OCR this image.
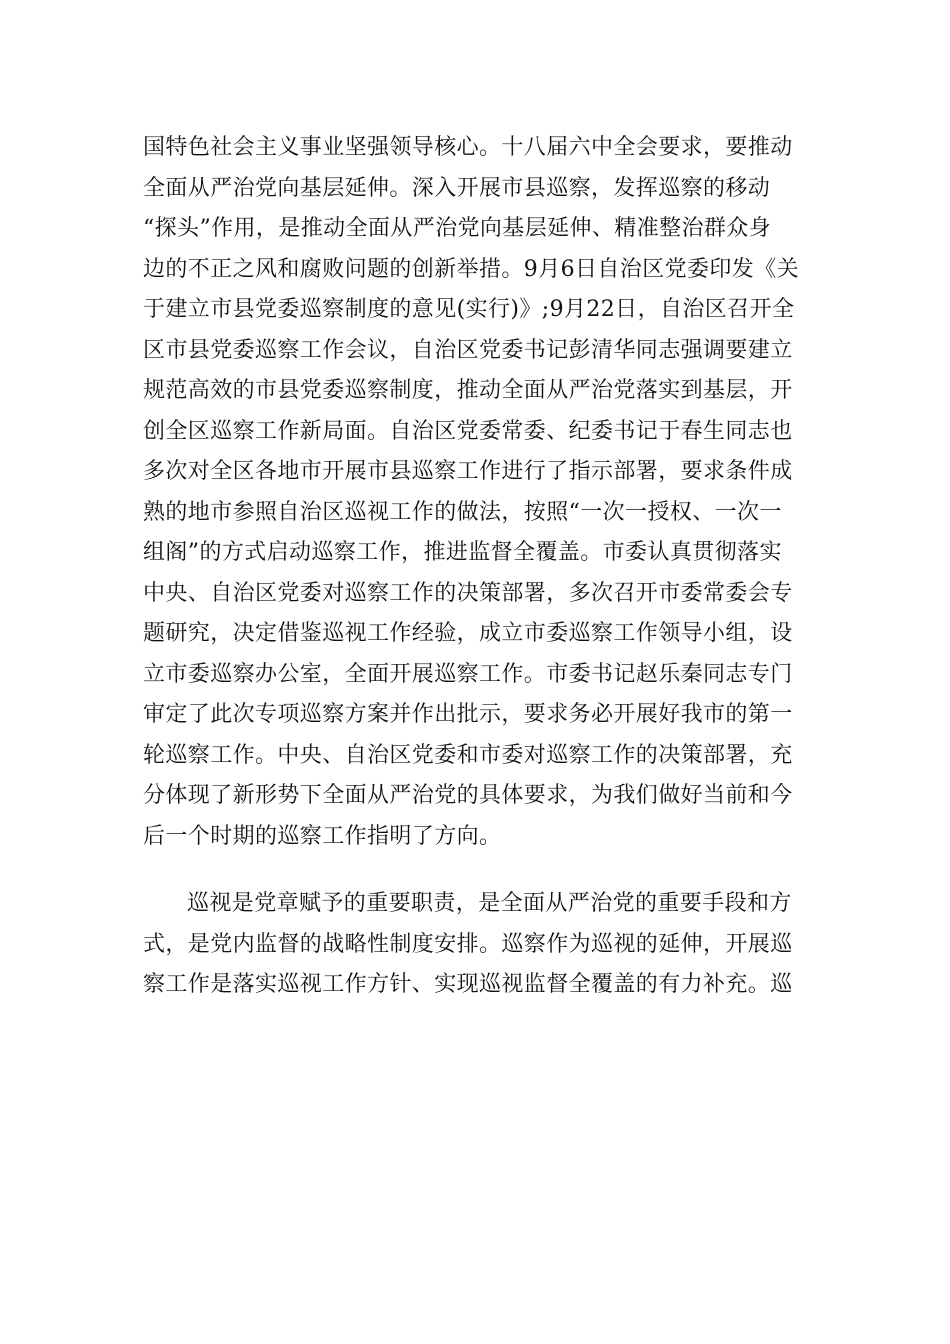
国特色社会主义事业坚强领导核心。十八届六中全会要求，要推动
全面从严治党向基层延伸。深入开展市县巡察，发挥巡察的移动
“探头”作用，是推动全面从严治党向基层延伸、精准整治群众身
边的不正之风和腐败问题的创新举措。9月6日自治区党委印发《关
于建立市县党委巡察制度的意见(实行)》;9月22日，自治区召开全
区市县党委巡察工作会议，自治区党委书记彭清华同志强调要建立
规范高效的市县党委巡察制度，推动全面从严治党落实到基层，开
创全区巡察工作新局面。自治区党委常委、纪委书记于春生同志也
多次对全区各地市开展市县巡察工作进行了指示部署，要求条件成
熟的地市参照自治区巡视工作的做法，按照“一次一授权、一次一
组阁”的方式启动巡察工作，推进监督全覆盖。市委认真贯彻落实
中央、自治区党委对巡察工作的决策部署，多次召开市委常委会专
题研究，决定借鉴巡视工作经验，成立市委巡察工作领导小组，设
立市委巡察办公室，全面开展巡察工作。市委书记赵乐秦同志专门
审定了此次专项巡察方案并作出批示，要求务必开展好我市的第一
轮巡察工作。中央、自治区党委和市委对巡察工作的决策部署，充
分体现了新形势下全面从严治党的具体要求，为我们做好当前和今
后一个时期的巡察工作指明了方向。
巡视是党章赋予的重要职责，是全面从严治党的重要手段和方
式，是党内监督的战略性制度安排。巡察作为巡视的延伸，开展巡
察工作是落实巡视工作方针、实现巡视监督全覆盖的有力补充。巡
